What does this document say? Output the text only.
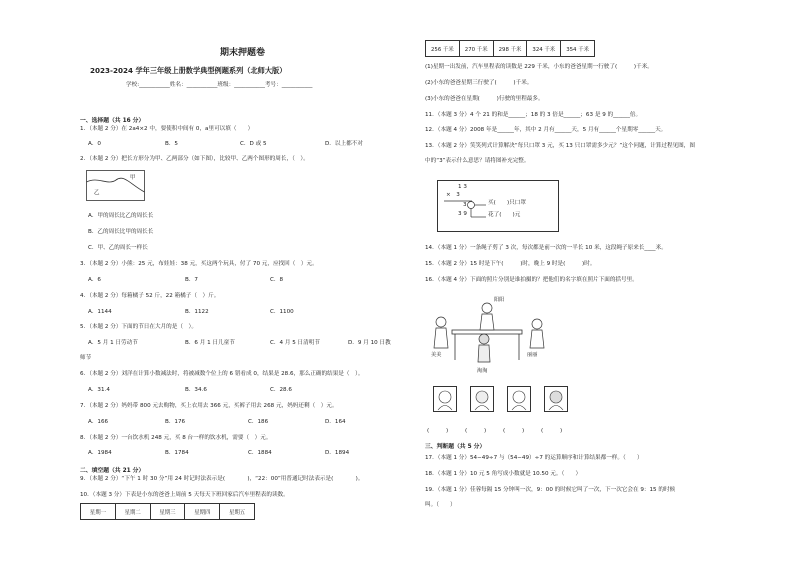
期末押题卷
2023-2024 学年三年级上册数学典型例题系列（北师大版）
学校:___________姓名：___________班级：___________考号：___________
一、选择题（共 16 分）
1．（本题 2 分）在 2a4×2 中，要使积中间有 0，a里可以填（　　）
A．0	B．5	C．D 或 5	D．以上都不对
2．（本题 2 分）把长方形分为甲、乙两部分（如下图），比较甲、乙两个图形的周长，（　）。
甲
乙
A．甲的周长比乙的周长长
B．乙的周长比甲的周长长
C．甲、乙的周长一样长
3．（本题 2 分）小熊：25 元，布娃娃：38 元，买这两个玩具，付了 70 元，应找回（　）元。
A．6	B．7	C．8
4．（本题 2 分）每箱橘子 52 斤，22 箱橘子（　）斤。
A．1144	B．1122	C．1100
5．（本题 2 分）下面的节日在大月的是（　）。
A．5 月 1 日劳动节	B．6 月 1 日儿童节	C．4 月 5 日清明节	D．9 月 10 日教
师节
6．（本题 2 分）刘洋在计算小数减法时，将被减数个位上的 6 错看成 0，结果是 28.6，那么正确的结果是（　）。
A．31.4	B．34.6	C．28.6
7．（本题 2 分）妈妈带 800 元去购物，买上衣用去 366 元，买裤子用去 268 元，妈妈还剩（　）元。
A．166	B．176	C．186	D．164
8．（本题 2 分）一台饮水机 248 元，买 8 台一样的饮水机，需要（　）元。
A．1984	B．1784	C．1884	D．1894
二、填空题（共 21 分）
9．（本题 2 分）“下午 1 时 30 分”用 24 时记时法表示是(　　　　)，“22：00”用普通记时法表示是(　　　　)。
10．（本题 3 分）下表是小东的爸爸上周前 5 天每天下班回家后汽车里程表的读数。
星期一	星期二	星期三	星期四	星期五
256 千米	270 千米	298 千米	324 千米	354 千米
(1)星期一出发前，汽车里程表的读数是 229 千米，小东的爸爸星期一行驶了(　　　)千米。
(2)小东的爸爸星期三行驶了(　　　)千米。
(3)小东的爸爸在星期(　　　)行驶的里程最多。
11．（本题 3 分）4 个 21 的和是______；18 的 3 倍是______；63 是 9 的______倍。
12．（本题 4 分）2008 年是______年，其中 2 月有______天，5 月有______个星期零______天。
13．（本题 2 分）笑笑列式计算解决“每只口罩 3 元，买 13 只口罩需多少元？”这个问题，计算过程见图，图
中的“3”表示什么意思？请将图补充完整。
1 3
×　3
3
3 9
买(　　)只口罩
花了(　　)元
14．（本题 1 分）一条绳子剪了 3 次，每次都是前一次的一半长 10 米，这段绳子原来长____米。
15．（本题 2 分）15 时是下午(　　　)时，晚上 9 时是(　　　)时。
16．（本题 4 分）下面的照片分别是谁拍摄的？把他们的名字填在照片下面的括号里。
阳阳
美美	丽丽
淘淘
(　　　)	(　　　)	(　　　)	(　　　)
三、判断题（共 5 分）
17．（本题 1 分）54−49÷7 与（54−49）÷7 的运算顺序和计算结果都一样。（　　）
18．（本题 1 分）10 元 5 角写成小数就是 10.50 元。（　　）
19．（本题 1 分）佳蓉每隔 15 分钟叫一次，9：00 的时候它叫了一次，下一次它会在 9：15 的时候
叫。（　　）
